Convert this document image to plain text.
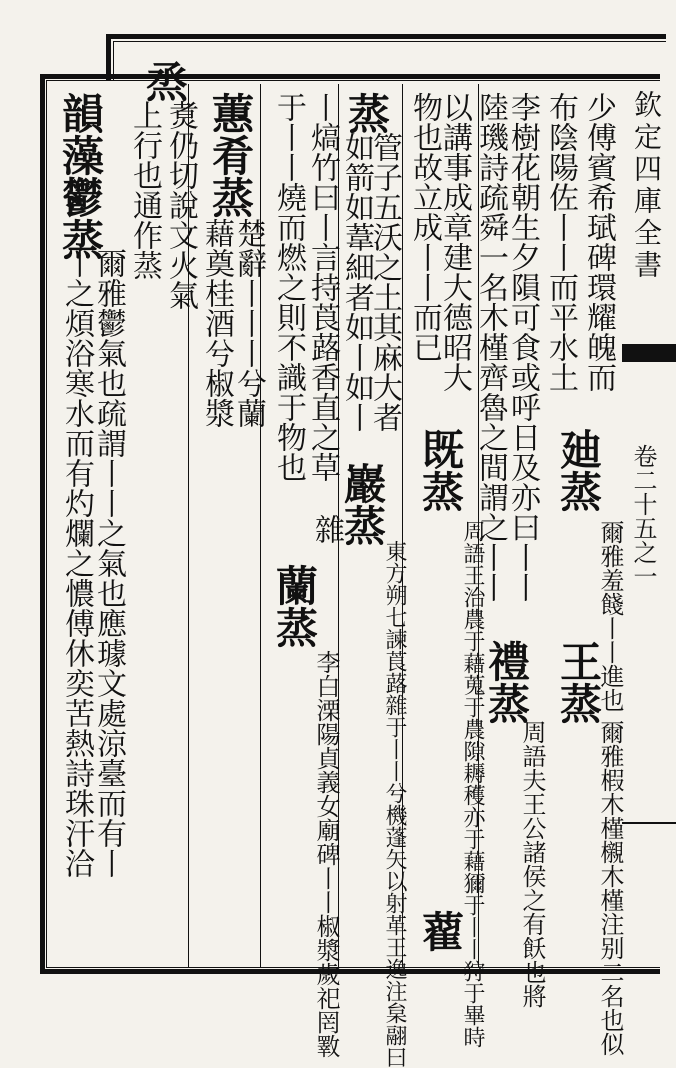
欽定四庫全書
卷二十五之一
少傅賓希珷碑環耀魄而
布陰陽佐丨丨而平水土
李樹花朝生夕隕可食或呼日及亦曰丨丨
陸璣詩疏舜一名木槿齊魯之間謂之丨丨
以講事成章建大德昭大
物也故立成丨丨而已
蒸
管子五沃之土其麻大者
如箭如葦細者如丨如丨
丨熇竹曰丨言持莨蕗香直之草
于丨丨燒而燃之則不識于物也
蕙肴蒸
楚辭丨丨丨兮蘭
藉奠桂酒兮椒漿
烝
煑仍切說文火氣
上行也通作蒸
韻藻鬱蒸
爾雅鬱氣也疏謂丨丨之氣也應璩文處涼臺而有丨
丨之煩浴寒水而有灼爛之憹傅休奕苦熱詩珠汗洽	廸蒸
爾雅羞餞丨丨進也
王蒸
爾雅椵木槿櫬木槿注别二名也似
禮蒸
周語夫王公諸侯之有飫也將
既蒸
周語王治農于藉蒐于農隙耨穫亦于藉獮于丨丨狩于畢時
巖蒸
東方朔七諫莨蕗雜于丨丨兮機蓬矢以射革王逸注枲翮曰
蘭蒸
李白溧陽貞義女廟碑丨丨椒漿歲祀罔斁
雜
藋
